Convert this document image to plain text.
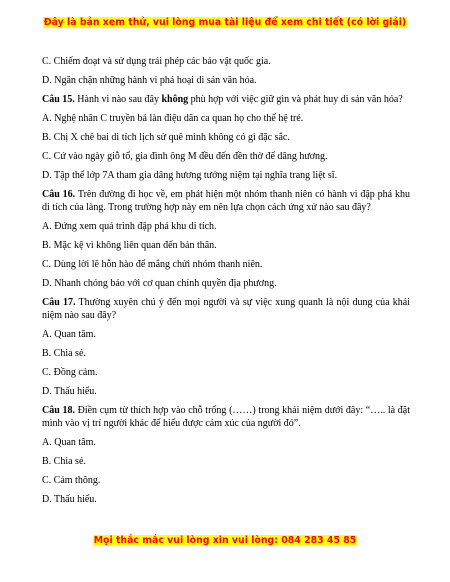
Đây là bản xem thử, vui lòng mua tài liệu để xem chi tiết (có lời giải)

C. Chiếm đoạt và sử dụng trái phép các bảo vật quốc gia.

D. Ngăn chặn những hành vi phá hoại di sản văn hóa.

Câu 15. Hành vi nào sau đây không phù hợp với việc giữ gìn và phát huy di sản văn hóa?

A. Nghệ nhân C truyền bá làn điệu dân ca quan họ cho thế hệ trẻ.

B. Chị X chê bai di tích lịch sử quê mình không có gì đặc sắc.

C. Cứ vào ngày giỗ tổ, gia đình ông M đều đến đền thờ để dâng hương.

D. Tập thể lớp 7A tham gia dâng hương tưởng niệm tại nghĩa trang liệt sĩ.

Câu 16. Trên đường đi học về, em phát hiện một nhóm thanh niên có hành vi đập phá khu di tích của làng. Trong trường hợp này em nên lựa chọn cách ứng xử nào sau đây?

A. Đứng xem quá trình đập phá khu di tích.

B. Mặc kệ vì không liên quan đến bản thân.

C. Dùng lời lẽ hỗn hào để mắng chửi nhóm thanh niên.

D. Nhanh chóng báo với cơ quan chính quyền địa phương.

Câu 17. Thường xuyên chú ý đến mọi người và sự việc xung quanh là nội dung của khái niệm nào sau đây?

A. Quan tâm.

B. Chia sẻ.

C. Đồng cảm.

D. Thấu hiểu.

Câu 18. Điền cụm từ thích hợp vào chỗ trống (……) trong khái niệm dưới đây: “….. là đặt mình vào vị trí người khác để hiểu được cảm xúc của người đó”.

A. Quan tâm.

B. Chia sẻ.

C. Cảm thông.

D. Thấu hiểu.

Mọi thắc mắc vui lòng xin vui lòng: 084 283 45 85
